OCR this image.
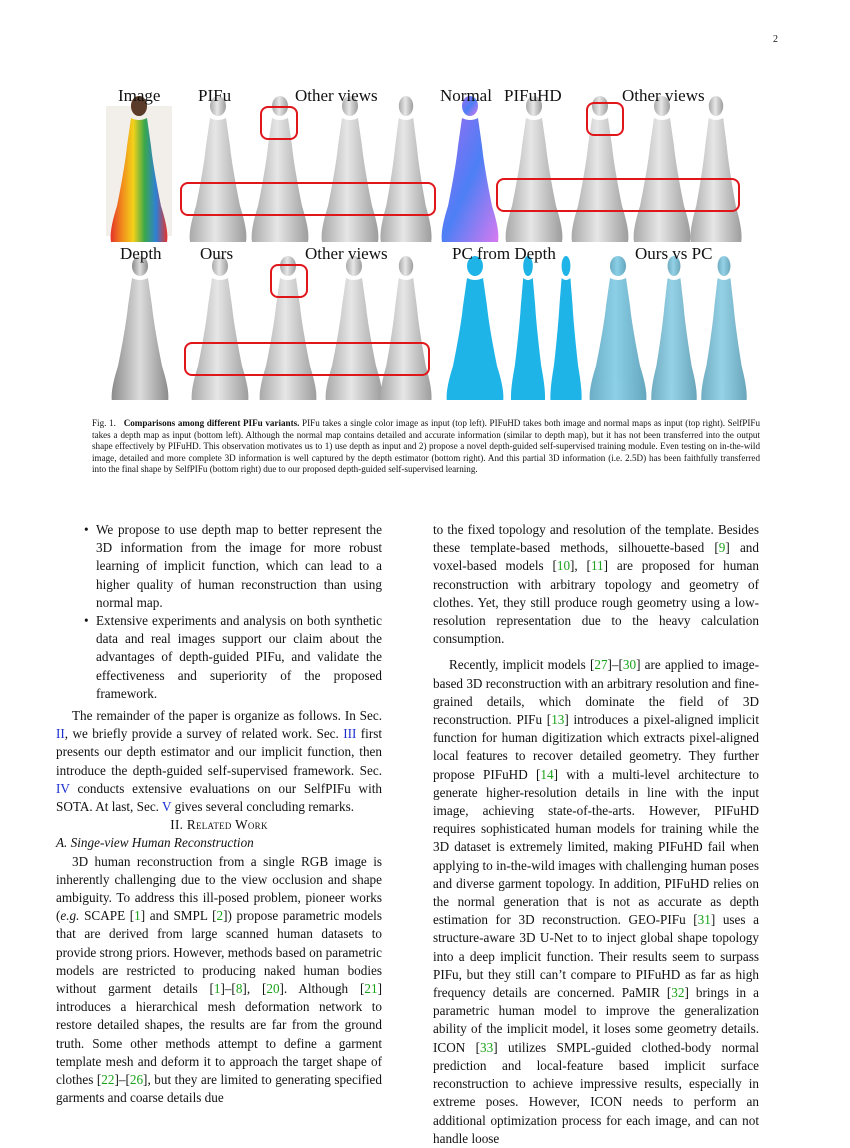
2
Image PIFu	Other views	Normal PIFuHD	Other views
Depth Ours	Other views	PC from Depth	Ours vs PC
Fig. 1. Comparisons among different PIFu variants. PIFu takes a single color image as input (top left). PIFuHD takes both image and normal maps as input (top right). SelfPIFu takes a depth map as input (bottom left). Although the normal map contains detailed and accurate information (similar to depth map), but it has not been transferred into the output shape effectively by PIFuHD. This observation motivates us to 1) use depth as input and 2) propose a novel depth-guided self-supervised training module. Even testing on in-the-wild image, detailed and more complete 3D information is well captured by the depth estimator (bottom right). And this partial 3D information (i.e. 2.5D) has been faithfully transferred into the final shape by SelfPIFu (bottom right) due to our proposed depth-guided self-supervised learning.
• We propose to use depth map to better represent the 3D information from the image for more robust learning of implicit function, which can lead to a higher quality of human reconstruction than using normal map.
• Extensive experiments and analysis on both synthetic data and real images support our claim about the advantages of depth-guided PIFu, and validate the effectiveness and superiority of the proposed framework.

The remainder of the paper is organize as follows. In Sec. II, we briefly provide a survey of related work. Sec. III first presents our depth estimator and our implicit function, then introduce the depth-guided self-supervised framework. Sec. IV conducts extensive evaluations on our SelfPIFu with SOTA. At last, Sec. V gives several concluding remarks.

II. Related Work

A. Singe-view Human Reconstruction

3D human reconstruction from a single RGB image is inherently challenging due to the view occlusion and shape ambiguity. To address this ill-posed problem, pioneer works (e.g. SCAPE [1] and SMPL [2]) propose parametric models that are derived from large scanned human datasets to provide strong priors. However, methods based on parametric models are restricted to producing naked human bodies without garment details [1]–[8], [20]. Although [21] introduces a hierarchical mesh deformation network to restore detailed shapes, the results are far from the ground truth. Some other methods attempt to define a garment template mesh and deform it to approach the target shape of clothes [22]–[26], but they are limited to generating specified garments and coarse details due

to the fixed topology and resolution of the template. Besides these template-based methods, silhouette-based [9] and voxel-based models [10], [11] are proposed for human reconstruction with arbitrary topology and geometry of clothes. Yet, they still produce rough geometry using a low-resolution representation due to the heavy calculation consumption.

Recently, implicit models [27]–[30] are applied to image-based 3D reconstruction with an arbitrary resolution and fine-grained details, which dominate the field of 3D reconstruction. PIFu [13] introduces a pixel-aligned implicit function for human digitization which extracts pixel-aligned local features to recover detailed geometry. They further propose PIFuHD [14] with a multi-level architecture to generate higher-resolution details in line with the input image, achieving state-of-the-arts. However, PIFuHD requires sophisticated human models for training while the 3D dataset is extremely limited, making PIFuHD fail when applying to in-the-wild images with challenging human poses and diverse garment topology. In addition, PIFuHD relies on the normal generation that is not as accurate as depth estimation for 3D reconstruction. GEO-PIFu [31] uses a structure-aware 3D U-Net to to inject global shape topology into a deep implicit function. Their results seem to surpass PIFu, but they still can’t compare to PIFuHD as far as high frequency details are concerned. PaMIR [32] brings in a parametric human model to improve the generalization ability of the implicit model, it loses some geometry details. ICON [33] utilizes SMPL-guided clothed-body normal prediction and local-feature based implicit surface reconstruction to achieve impressive results, especially in extreme poses. However, ICON needs to perform an additional optimization process for each image, and can not handle loose
